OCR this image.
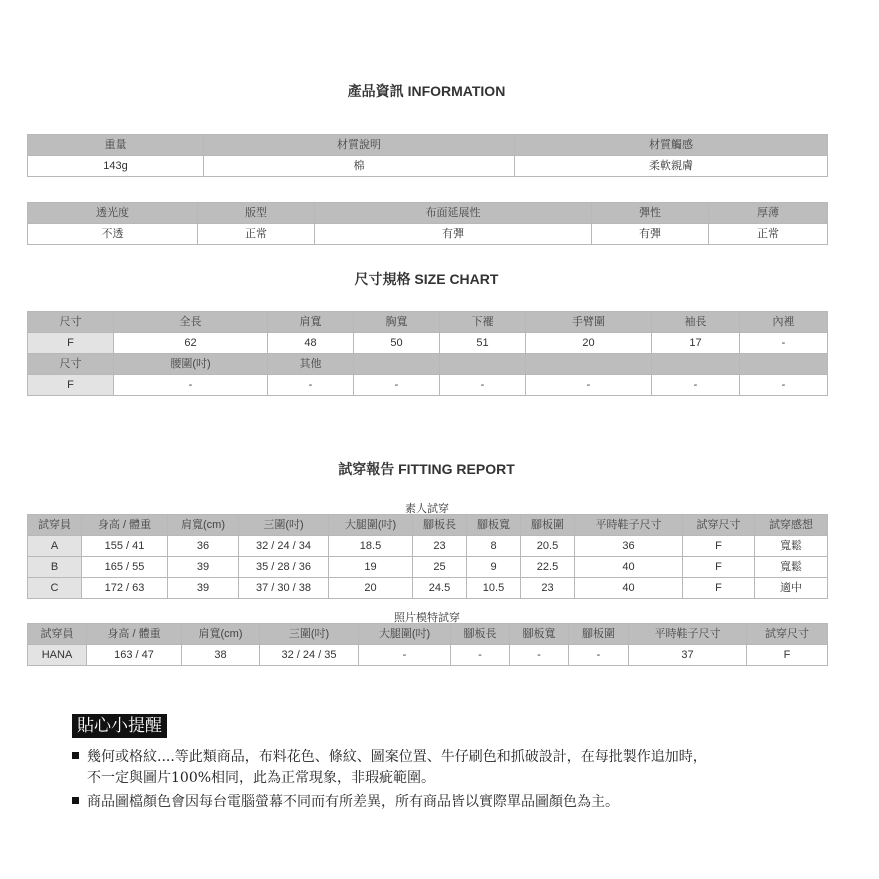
產品資訊 INFORMATION
重量	材質說明	材質觸感
143g	棉	柔軟親膚
透光度	版型	布面延展性	彈性	厚薄
不透	正常	有彈	有彈	正常
尺寸規格 SIZE CHART
尺寸	全長	肩寬	胸寬	下襬	手臂圍	袖長	內裡
F	62	48	50	51	20	17	-
尺寸	腰圍(吋)	其他					
F	-	-	-	-	-	-	-
試穿報告 FITTING REPORT
素人試穿
試穿員	身高 / 體重	肩寬(cm)	三圍(吋)	大腿圍(吋)	腳板長	腳板寬	腳板圍	平時鞋子尺寸	試穿尺寸	試穿感想
A	155 / 41	36	32 / 24 / 34	18.5	23	8	20.5	36	F	寬鬆
B	165 / 55	39	35 / 28 / 36	19	25	9	22.5	40	F	寬鬆
C	172 / 63	39	37 / 30 / 38	20	24.5	10.5	23	40	F	適中
照片模特試穿
試穿員	身高 / 體重	肩寬(cm)	三圍(吋)	大腿圍(吋)	腳板長	腳板寬	腳板圍	平時鞋子尺寸	試穿尺寸
HANA	163 / 47	38	32 / 24 / 35	-	-	-	-	37	F
貼心小提醒
幾何或格紋....等此類商品，布料花色、條紋、圖案位置、牛仔刷色和抓破設計，在每批製作追加時，
不一定與圖片100%相同，此為正常現象，非瑕疵範圍。
商品圖檔顏色會因每台電腦螢幕不同而有所差異，所有商品皆以實際單品圖顏色為主。
